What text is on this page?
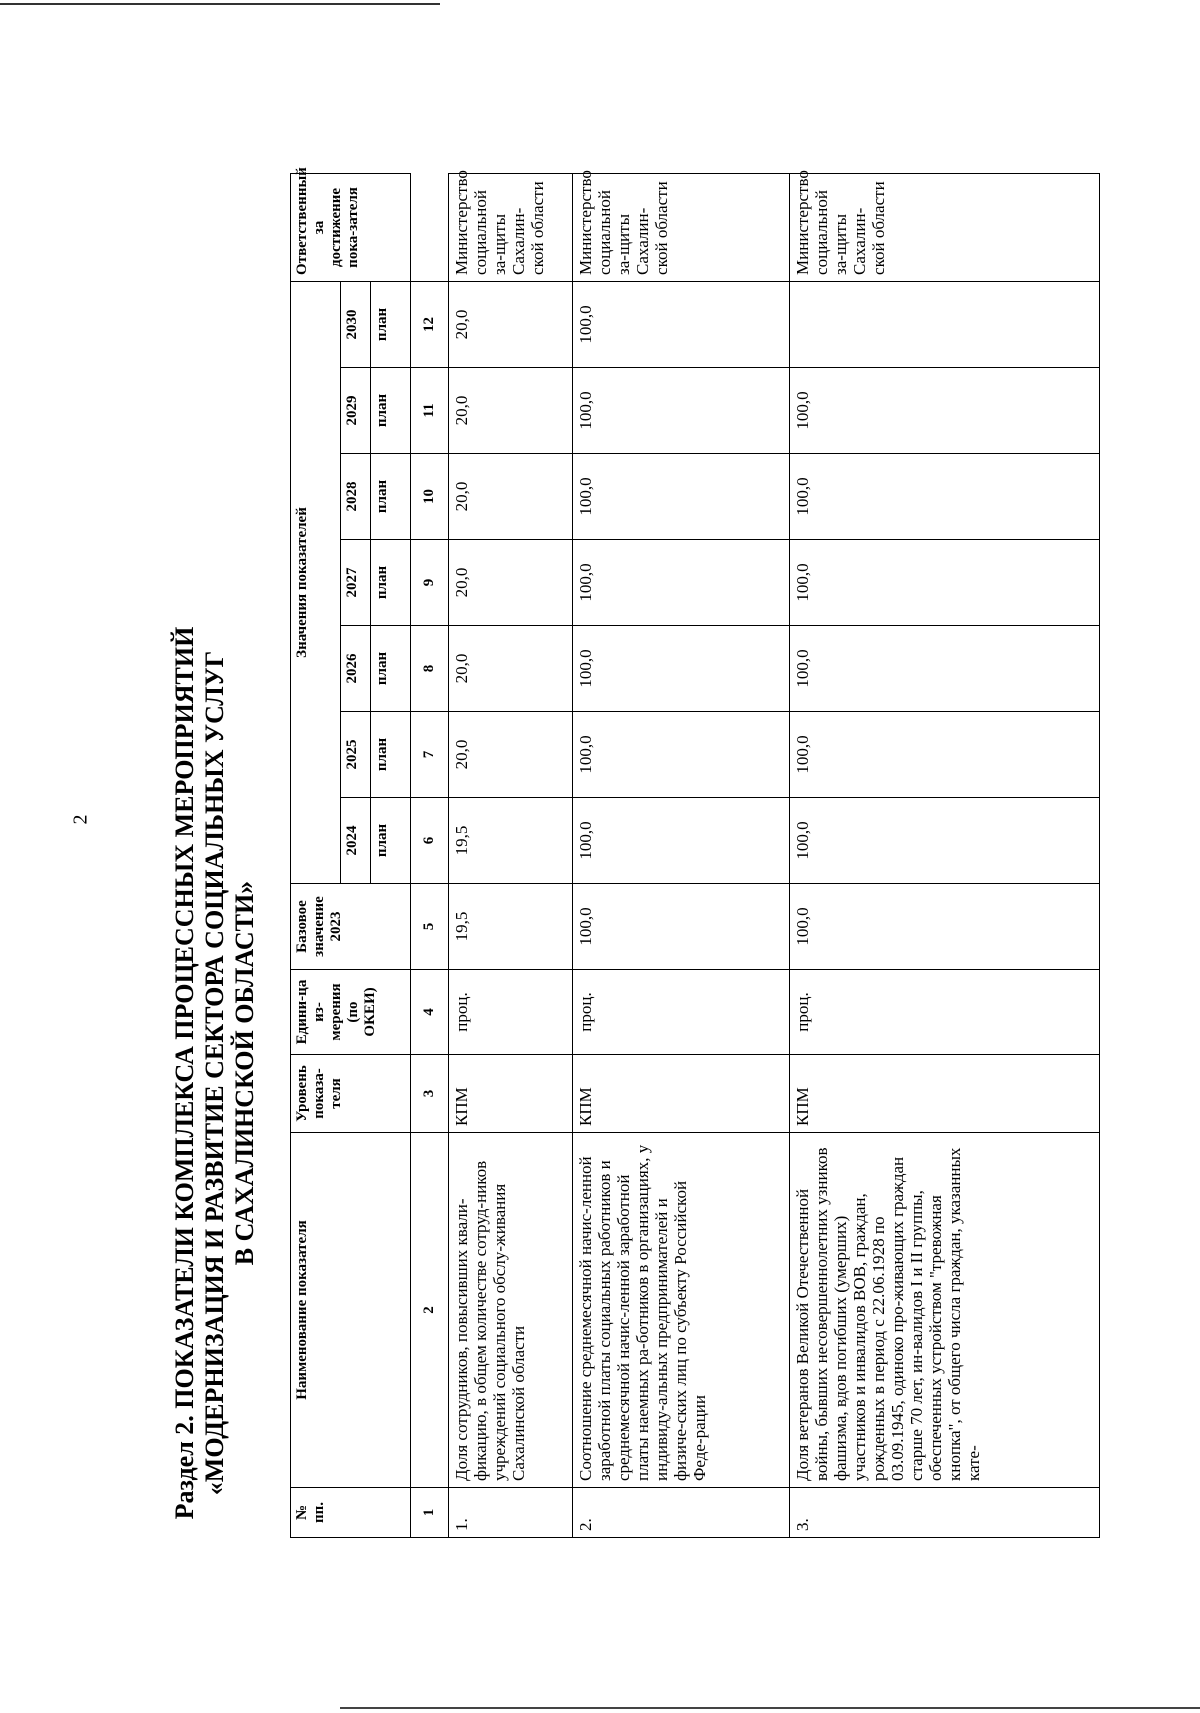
2	Раздел 2. ПОКАЗАТЕЛИ КОМПЛЕКСА ПРОЦЕССНЫХ МЕРОПРИЯТИЙ «МОДЕРНИЗАЦИЯ И РАЗВИТИЕ СЕКТОРА СОЦИАЛЬНЫХ УСЛУГ В САХАЛИНСКОЙ ОБЛАСТИ»
№ пп.	Наименование показателя	Уровень показа-теля	Едини-ца из-мерения (по ОКЕИ)	Базовое значение 2023	Значения показателей							Ответственный за достижение пока-зателя
					2024	2025	2026	2027	2028	2029	2030	
					план	план	план	план	план	план	план	
1	2	3	4	5	6	7	8	9	10	11	12	
1.	Доля сотрудников, повысивших квали-фикацию, в общем количестве сотруд-ников учреждений социального обслу-живания Сахалинской области	КПМ	проц.	19,5	19,5	20,0	20,0	20,0	20,0	20,0	20,0	Министерство социальной за-щиты Сахалин-ской области
2.	Соотношение среднемесячной начис-ленной заработной платы социальных работников и среднемесячной начис-ленной заработной платы наемных ра-ботников в организациях, у индивиду-альных предпринимателей и физиче-ских лиц по субъекту Российской Феде-рации	КПМ	проц.	100,0	100,0	100,0	100,0	100,0	100,0	100,0	100,0	Министерство социальной за-щиты Сахалин-ской области
3.	Доля ветеранов Великой Отечественной войны, бывших несовершеннолетних узников фашизма, вдов погибших (умерших) участников и инвалидов ВОВ, граждан, рожденных в период с 22.06.1928 по 03.09.1945, одиноко про-живающих граждан старше 70 лет, ин-валидов I и II группы, обеспеченных устройством "тревожная кнопка", от общего числа граждан, указанных кате-	КПМ	проц.	100,0	100,0	100,0	100,0	100,0	100,0	100,0		Министерство социальной за-щиты Сахалин-ской области
